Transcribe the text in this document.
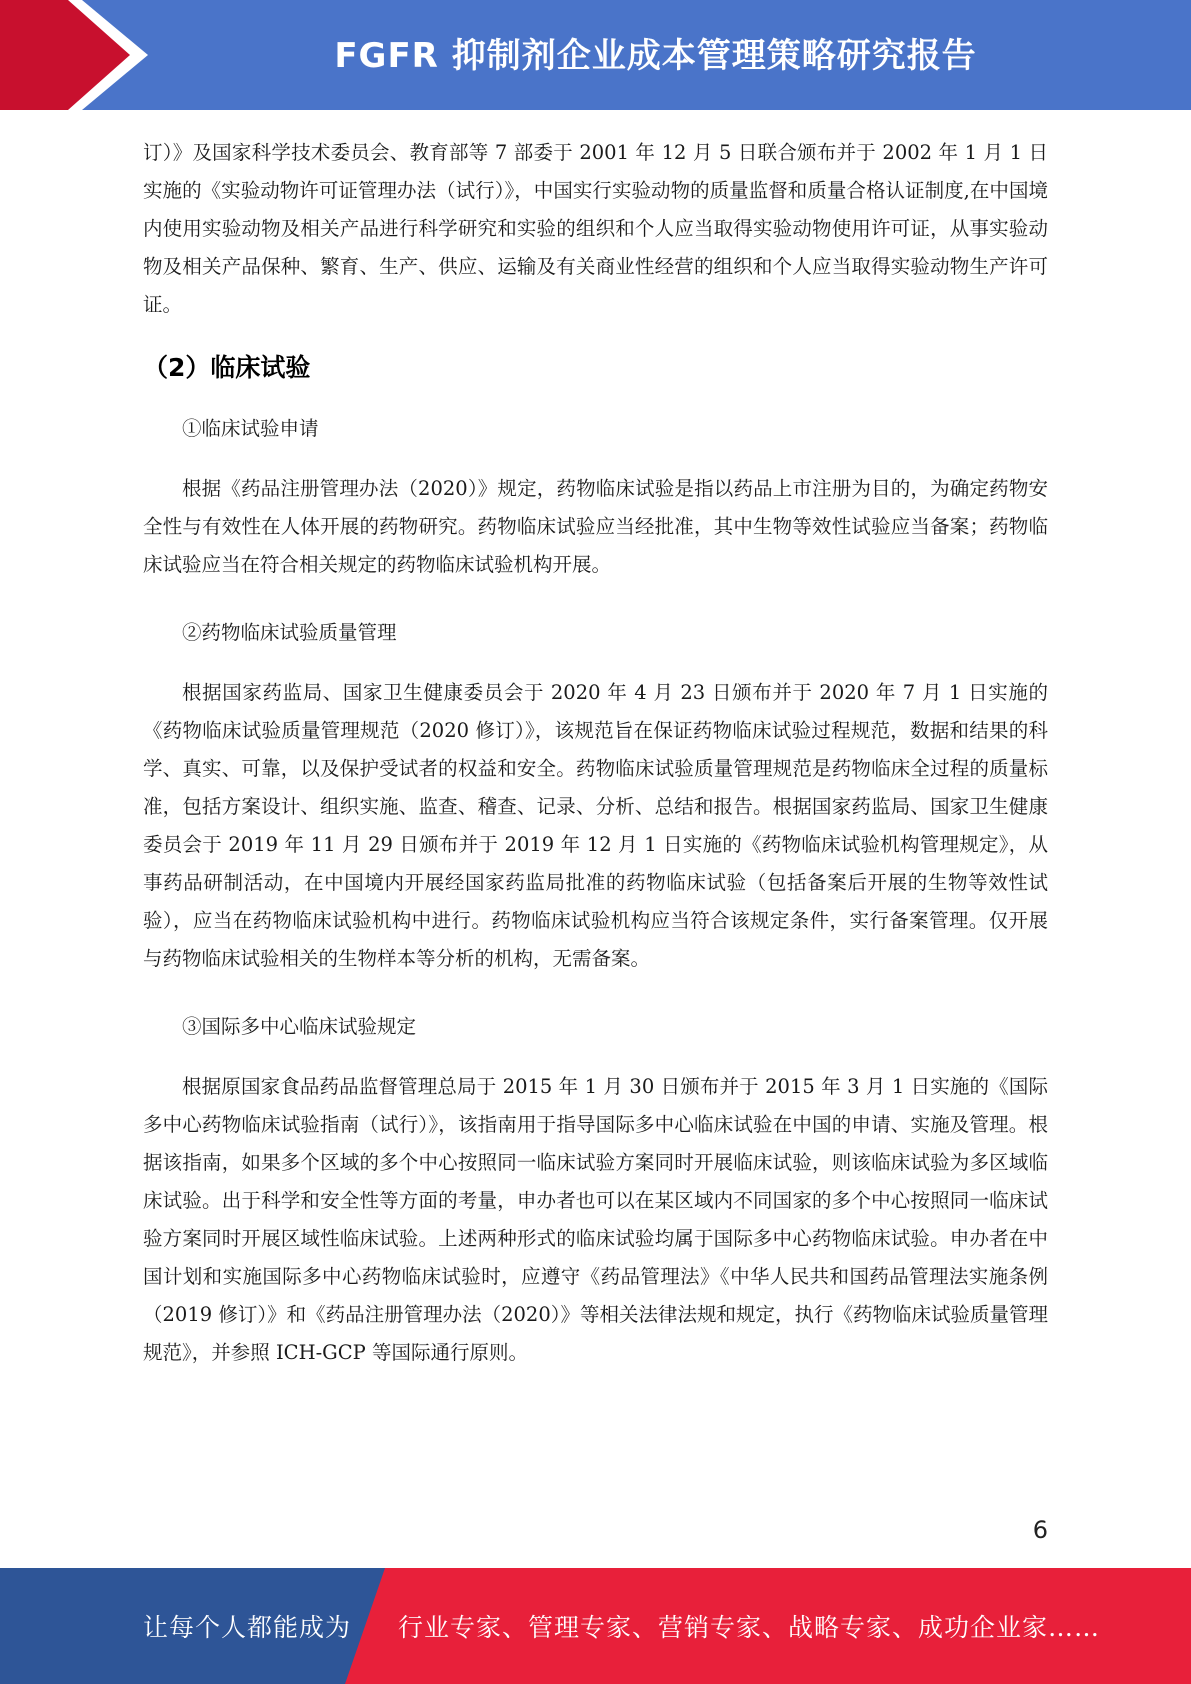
FGFR 抑制剂企业成本管理策略研究报告

订）》及国家科学技术委员会、教育部等 7 部委于 2001 年 12 月 5 日联合颁布并于 2002 年 1 月 1 日实施的《实验动物许可证管理办法（试行）》，中国实行实验动物的质量监督和质量合格认证制度,在中国境内使用实验动物及相关产品进行科学研究和实验的组织和个人应当取得实验动物使用许可证，从事实验动物及相关产品保种、繁育、生产、供应、运输及有关商业性经营的组织和个人应当取得实验动物生产许可证。

（2）临床试验

①临床试验申请

根据《药品注册管理办法（2020）》规定，药物临床试验是指以药品上市注册为目的，为确定药物安全性与有效性在人体开展的药物研究。药物临床试验应当经批准，其中生物等效性试验应当备案；药物临床试验应当在符合相关规定的药物临床试验机构开展。

②药物临床试验质量管理

根据国家药监局、国家卫生健康委员会于 2020 年 4 月 23 日颁布并于 2020 年 7 月 1 日实施的《药物临床试验质量管理规范（2020 修订）》，该规范旨在保证药物临床试验过程规范，数据和结果的科学、真实、可靠，以及保护受试者的权益和安全。药物临床试验质量管理规范是药物临床全过程的质量标准，包括方案设计、组织实施、监查、稽查、记录、分析、总结和报告。根据国家药监局、国家卫生健康委员会于 2019 年 11 月 29 日颁布并于 2019 年 12 月 1 日实施的《药物临床试验机构管理规定》，从事药品研制活动，在中国境内开展经国家药监局批准的药物临床试验（包括备案后开展的生物等效性试验），应当在药物临床试验机构中进行。药物临床试验机构应当符合该规定条件，实行备案管理。仅开展与药物临床试验相关的生物样本等分析的机构，无需备案。

③国际多中心临床试验规定

根据原国家食品药品监督管理总局于 2015 年 1 月 30 日颁布并于 2015 年 3 月 1 日实施的《国际多中心药物临床试验指南（试行）》，该指南用于指导国际多中心临床试验在中国的申请、实施及管理。根据该指南，如果多个区域的多个中心按照同一临床试验方案同时开展临床试验，则该临床试验为多区域临床试验。出于科学和安全性等方面的考量，申办者也可以在某区域内不同国家的多个中心按照同一临床试验方案同时开展区域性临床试验。上述两种形式的临床试验均属于国际多中心药物临床试验。申办者在中国计划和实施国际多中心药物临床试验时，应遵守《药品管理法》《中华人民共和国药品管理法实施条例（2019 修订）》和《药品注册管理办法（2020）》等相关法律法规和规定，执行《药物临床试验质量管理规范》，并参照 ICH-GCP 等国际通行原则。

6
让每个人都能成为 行业专家、管理专家、营销专家、战略专家、成功企业家……
